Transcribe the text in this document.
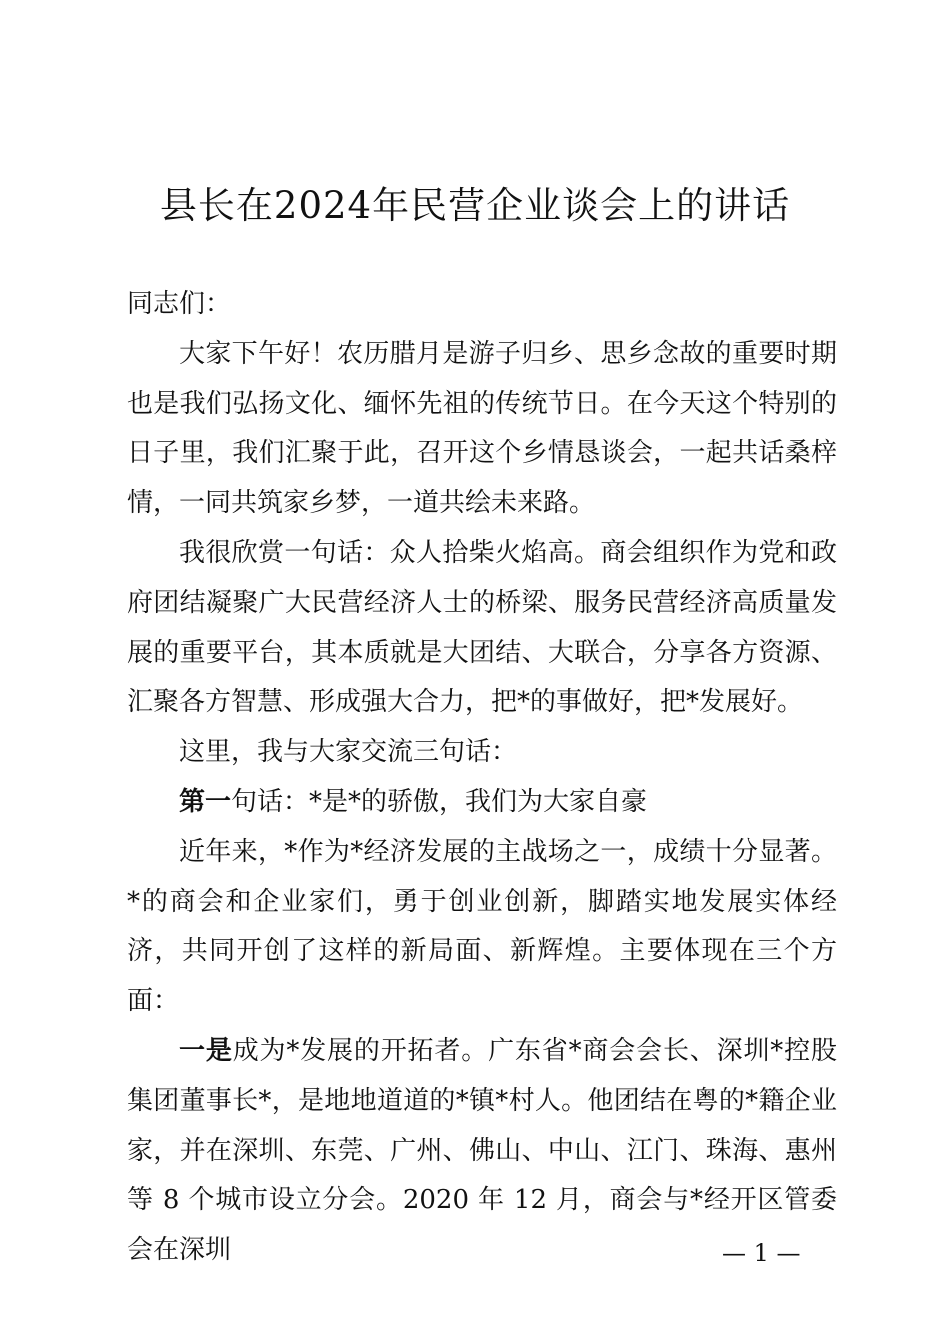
县长在2024年民营企业谈会上的讲话

同志们：

大家下午好！农历腊月是游子归乡、思乡念故的重要时期也是我们弘扬文化、缅怀先祖的传统节日。在今天这个特别的日子里，我们汇聚于此，召开这个乡情恳谈会，一起共话桑梓情，一同共筑家乡梦，一道共绘未来路。

我很欣赏一句话：众人拾柴火焰高。商会组织作为党和政府团结凝聚广大民营经济人士的桥梁、服务民营经济高质量发展的重要平台，其本质就是大团结、大联合，分享各方资源、汇聚各方智慧、形成强大合力，把*的事做好，把*发展好。

这里，我与大家交流三句话：

第一句话：*是*的骄傲，我们为大家自豪

近年来，*作为*经济发展的主战场之一，成绩十分显著。*的商会和企业家们，勇于创业创新，脚踏实地发展实体经济，共同开创了这样的新局面、新辉煌。主要体现在三个方面：

一是成为*发展的开拓者。广东省*商会会长、深圳*控股集团董事长*，是地地道道的*镇*村人。他团结在粤的*籍企业家，并在深圳、东莞、广州、佛山、中山、江门、珠海、惠州等 8 个城市设立分会。2020 年 12 月，商会与*经开区管委会在深圳	— 1 —
